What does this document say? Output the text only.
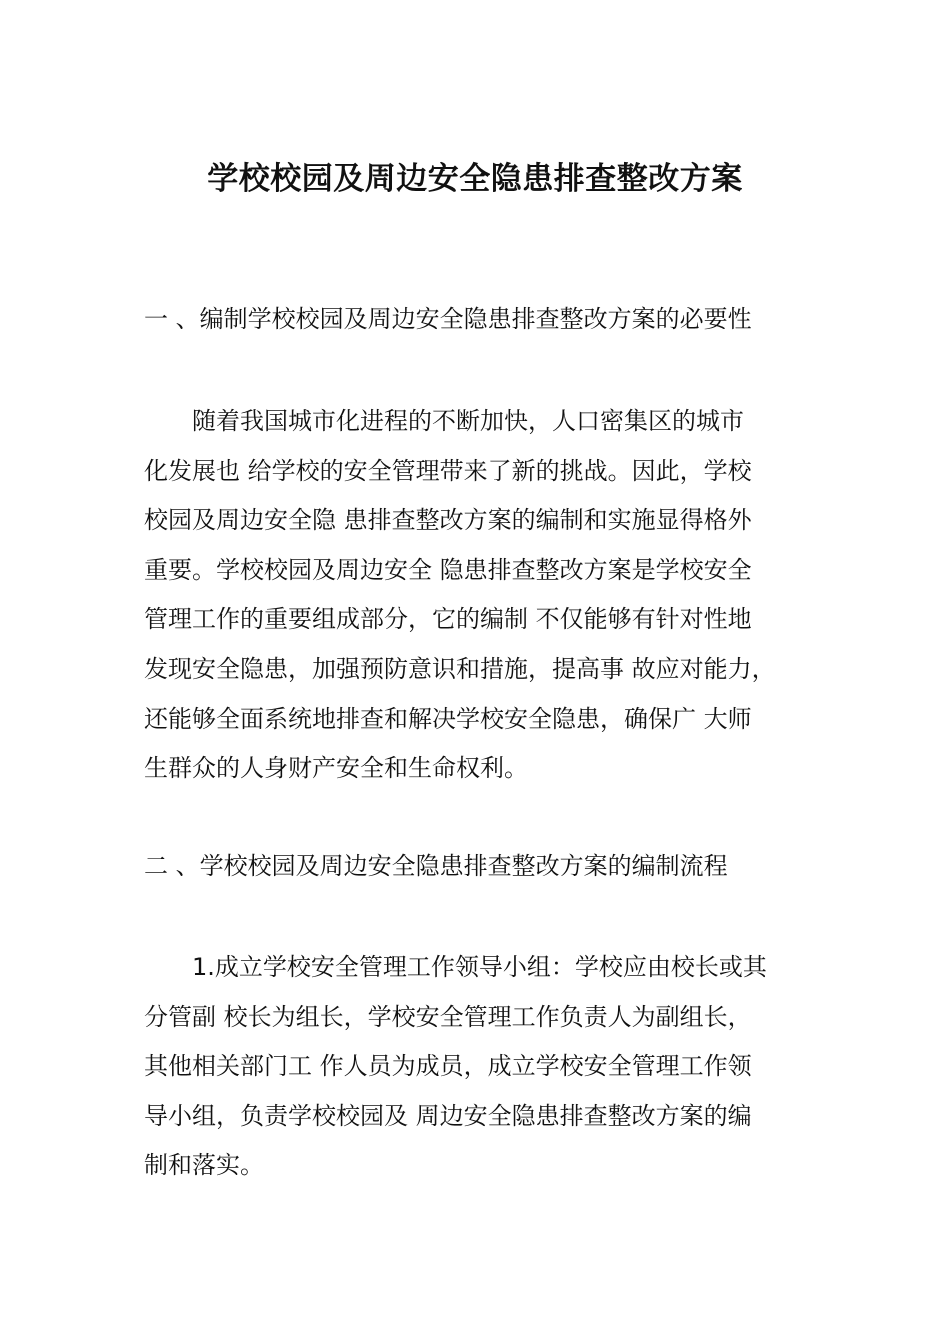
学校校园及周边安全隐患排查整改方案
一 、编制学校校园及周边安全隐患排查整改方案的必要性
随着我国城市化进程的不断加快，人口密集区的城市
化发展也 给学校的安全管理带来了新的挑战。因此，学校
校园及周边安全隐 患排查整改方案的编制和实施显得格外
重要。学校校园及周边安全 隐患排查整改方案是学校安全
管理工作的重要组成部分，它的编制 不仅能够有针对性地
发现安全隐患，加强预防意识和措施，提高事 故应对能力，
还能够全面系统地排查和解决学校安全隐患，确保广 大师
生群众的人身财产安全和生命权利。
二 、学校校园及周边安全隐患排查整改方案的编制流程
1.成立学校安全管理工作领导小组：学校应由校长或其
分管副 校长为组长，学校安全管理工作负责人为副组长，
其他相关部门工 作人员为成员，成立学校安全管理工作领
导小组，负责学校校园及 周边安全隐患排查整改方案的编
制和落实。
